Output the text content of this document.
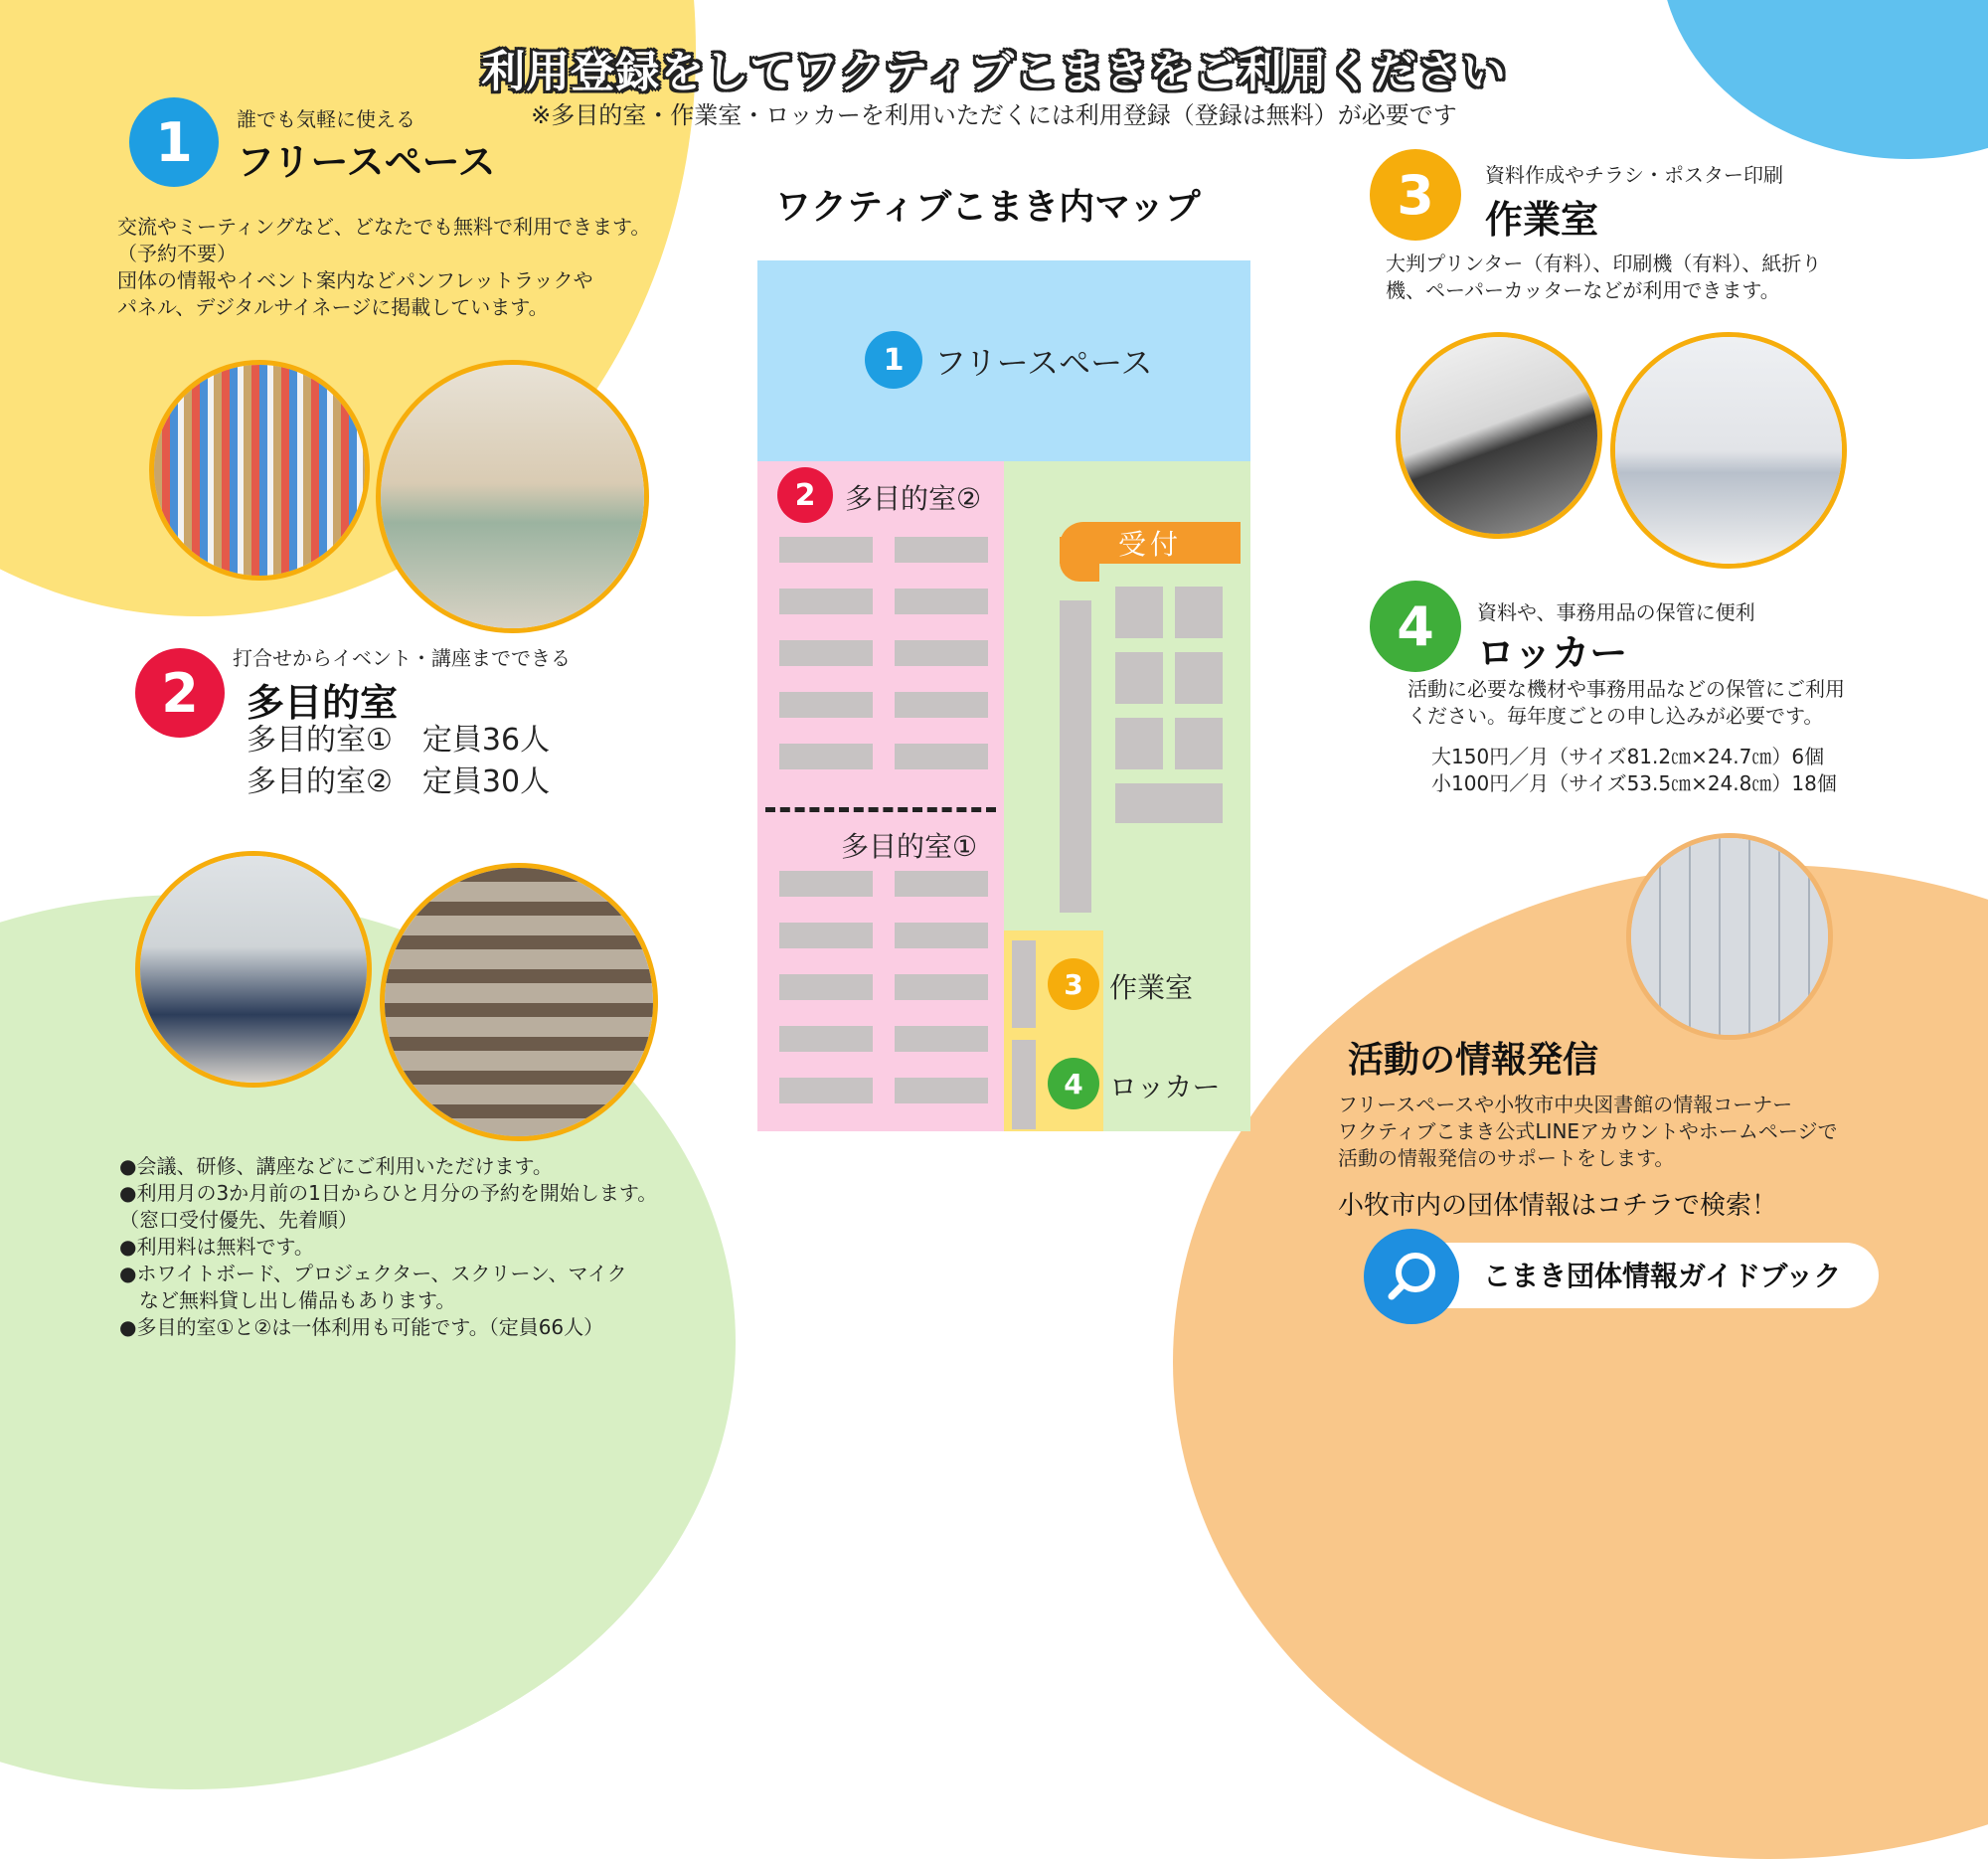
利用登録をしてワクティブこまきをご利用ください
※多目的室・作業室・ロッカーを利用いただくには利用登録（登録は無料）が必要です
1	誰でも気軽に使える
フリースペース
交流やミーティングなど、どなたでも無料で利用できます。
（予約不要）
団体の情報やイベント案内などパンフレットラックや
パネル、デジタルサイネージに掲載しています。
2
打合せからイベント・講座までできる
多目的室
多目的室①　定員36人
多目的室②　定員30人
●会議、研修、講座などにご利用いただけます。
●利用月の3か月前の1日からひと月分の予約を開始します。
（窓口受付優先、先着順）
●利用料は無料です。
●ホワイトボード、プロジェクター、スクリーン、マイク
　など無料貸し出し備品もあります。
●多目的室①と②は一体利用も可能です。（定員66人）
ワクティブこまき内マップ
1 フリースペース
2	多目的室②
多目的室①
受付
3 作業室
4 ロッカー
3	資料作成やチラシ・ポスター印刷
作業室
大判プリンター（有料）、印刷機（有料）、紙折り
機、ペーパーカッターなどが利用できます。
4	資料や、事務用品の保管に便利
ロッカー
活動に必要な機材や事務用品などの保管にご利用
ください。毎年度ごとの申し込みが必要です。
大150円／月（サイズ81.2㎝×24.7㎝）6個
小100円／月（サイズ53.5㎝×24.8㎝）18個
活動の情報発信
フリースペースや小牧市中央図書館の情報コーナー
ワクティブこまき公式LINEアカウントやホームページで
活動の情報発信のサポートをします。
小牧市内の団体情報はコチラで検索！
こまき団体情報ガイドブック
